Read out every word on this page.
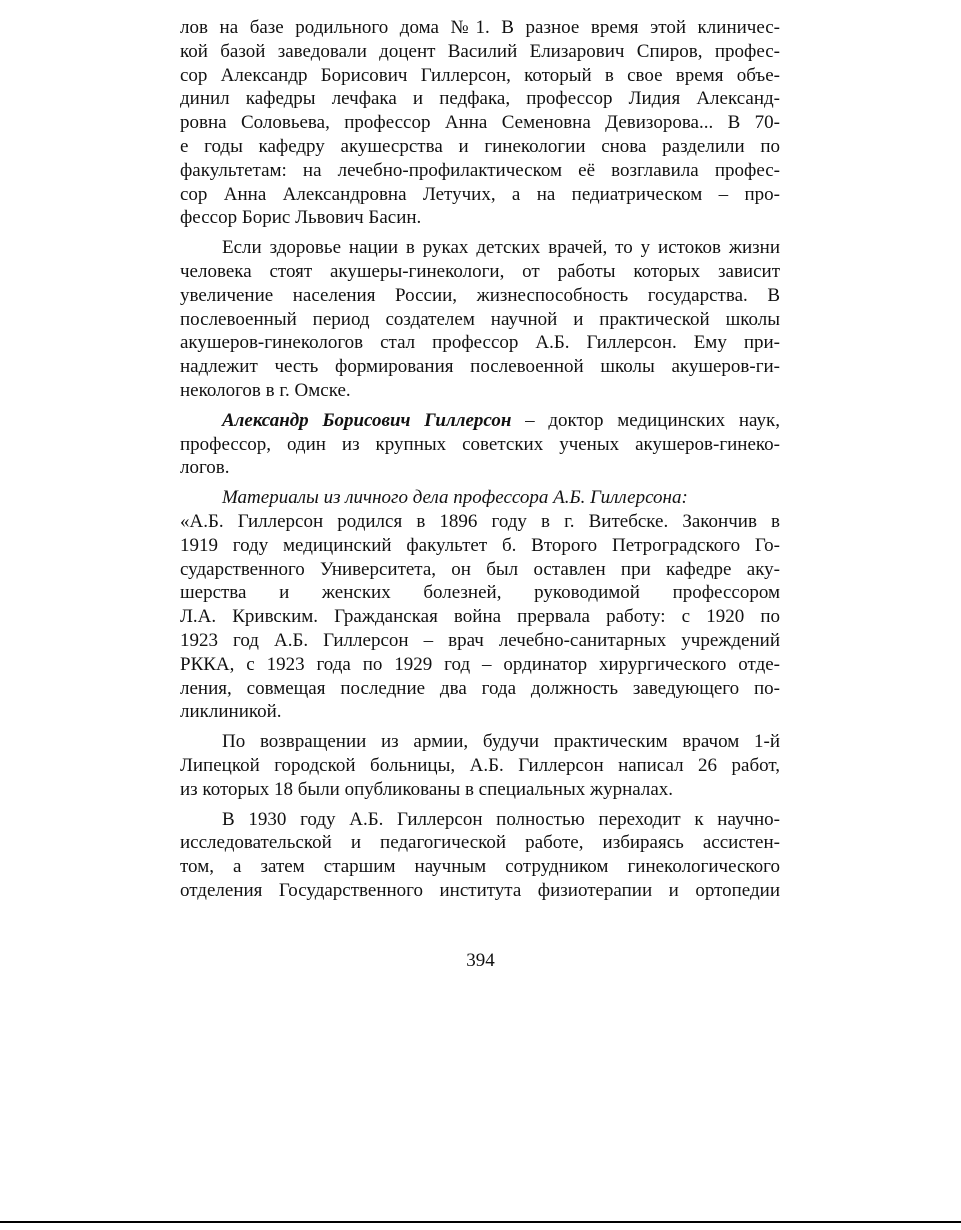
лов на базе родильного дома №1. В разное время этой клиничес-
кой базой заведовали доцент Василий Елизарович Спиров, профес-
сор Александр Борисович Гиллерсон, который в свое время объе-
динил кафедры лечфака и педфака, профессор Лидия Александ-
ровна Соловьева, профессор Анна Семеновна Девизорова... В 70-
е годы кафедру акушесрства и гинекологии снова разделили по
факультетам: на лечебно-профилактическом её возглавила профес-
сор Анна Александровна Летучих, а на педиатрическом – про-
фессор Борис Львович Басин.
Если здоровье нации в руках детских врачей, то у истоков жизни
человека стоят акушеры-гинекологи, от работы которых зависит
увеличение населения России, жизнеспособность государства. В
послевоенный период создателем научной и практической школы
акушеров-гинекологов стал профессор А.Б. Гиллерсон. Ему при-
надлежит честь формирования послевоенной школы акушеров-ги-
некологов в г. Омске.
Александр Борисович Гиллерсон – доктор медицинских наук,
профессор, один из крупных советских ученых акушеров-гинеко-
логов.
Материалы из личного дела профессора А.Б. Гиллерсона:
«А.Б. Гиллерсон родился в 1896 году в г. Витебске. Закончив в
1919 году медицинский факультет б. Второго Петроградского Го-
сударственного Университета, он был оставлен при кафедре аку-
шерства и женских болезней, руководимой профессором
Л.А. Кривским. Гражданская война прервала работу: с 1920 по
1923 год А.Б. Гиллерсон – врач лечебно-санитарных учреждений
РККА, с 1923 года по 1929 год – ординатор хирургического отде-
ления, совмещая последние два года должность заведующего по-
ликлиникой.
По возвращении из армии, будучи практическим врачом 1-й
Липецкой городской больницы, А.Б. Гиллерсон написал 26 работ,
из которых 18 были опубликованы в специальных журналах.
В 1930 году А.Б. Гиллерсон полностью переходит к научно-
исследовательской и педагогической работе, избираясь ассистен-
том, а затем старшим научным сотрудником гинекологического
отделения Государственного института физиотерапии и ортопедии
394
